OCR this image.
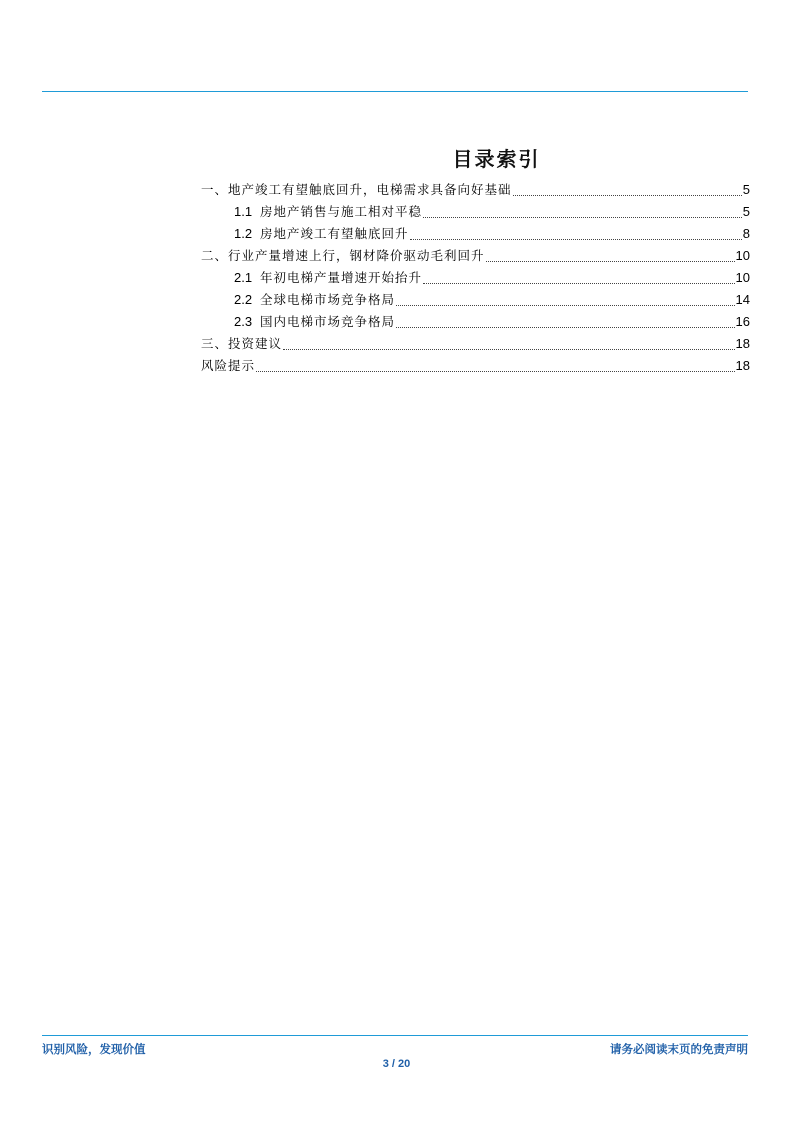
目录索引
一、地产竣工有望触底回升，电梯需求具备向好基础	5
1.1 房地产销售与施工相对平稳	5
1.2 房地产竣工有望触底回升	8
二、行业产量增速上行，钢材降价驱动毛利回升	10
2.1 年初电梯产量增速开始抬升	10
2.2 全球电梯市场竞争格局	14
2.3 国内电梯市场竞争格局	16
三、投资建议	18
风险提示	18
识别风险，发现价值	请务必阅读末页的免责声明
3 / 20
